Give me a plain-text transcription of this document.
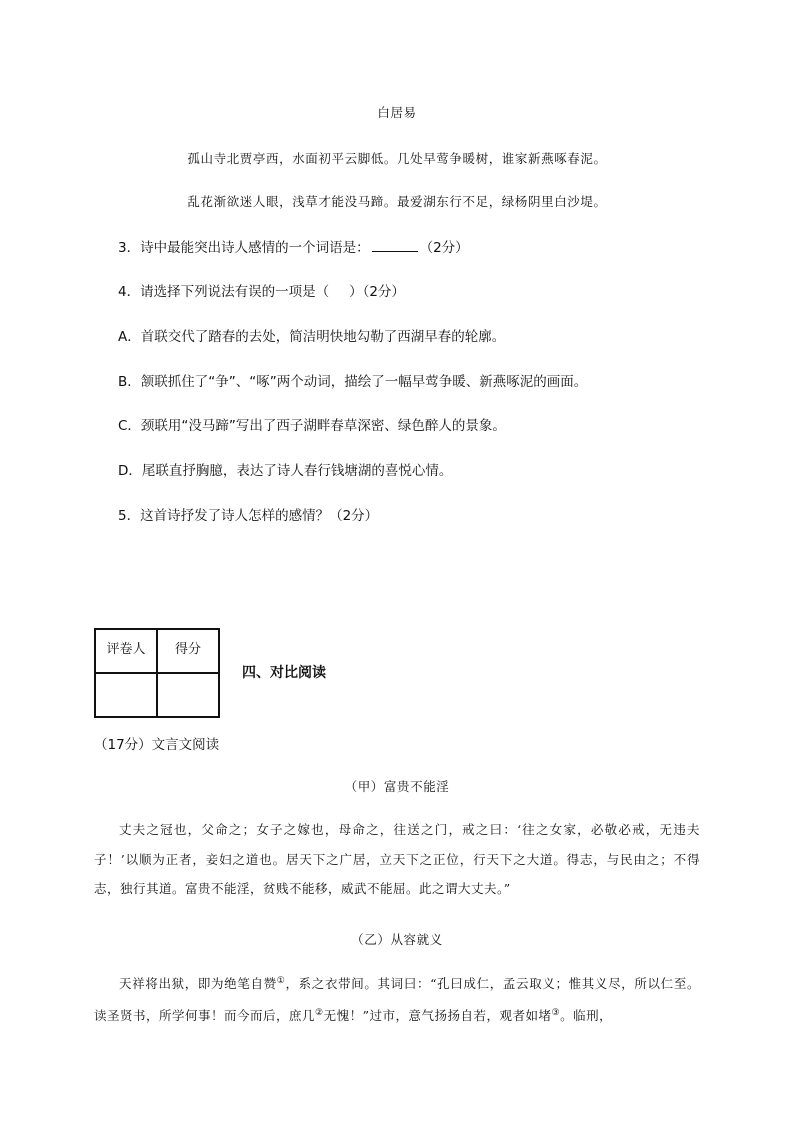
白居易
孤山寺北贾亭西，水面初平云脚低。几处早莺争暖树，谁家新燕啄春泥。
乱花渐欲迷人眼，浅草才能没马蹄。最爱湖东行不足，绿杨阴里白沙堤。
3．诗中最能突出诗人感情的一个词语是：	（2分）
4．请选择下列说法有误的一项是（ ）（2分）
A．首联交代了踏春的去处，简洁明快地勾勒了西湖早春的轮廓。
B．颔联抓住了“争”、“啄”两个动词，描绘了一幅早莺争暖、新燕啄泥的画面。
C．颈联用“没马蹄”写出了西子湖畔春草深密、绿色醉人的景象。
D．尾联直抒胸臆，表达了诗人春行钱塘湖的喜悦心情。
5．这首诗抒发了诗人怎样的感情？（2分）
评卷人	得分

四、对比阅读
（17分）文言文阅读
（甲）富贵不能淫
丈夫之冠也，父命之；女子之嫁也，母命之，往送之门，戒之曰：‘往之女家，必敬必戒，无违夫子！’以顺为正者，妾妇之道也。居天下之广居，立天下之正位，行天下之大道。得志，与民由之；不得志，独行其道。富贵不能淫，贫贱不能移，威武不能屈。此之谓大丈夫。”
（乙）从容就义
天祥将出狱，即为绝笔自赞①，系之衣带间。其词曰：“孔曰成仁，孟云取义；惟其义尽，所以仁至。读圣贤书，所学何事！而今而后，庶几②无愧！”过市，意气扬扬自若，观者如堵③。临刑，
